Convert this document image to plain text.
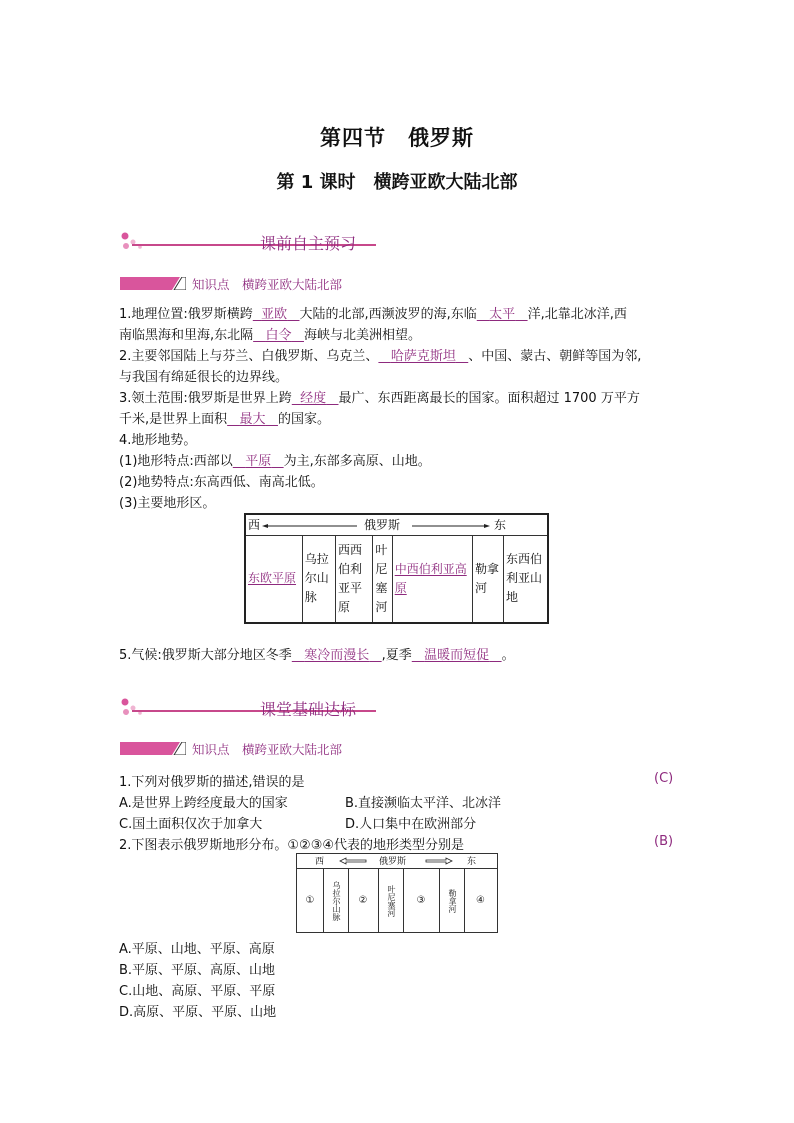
第四节　俄罗斯
第 1 课时　横跨亚欧大陆北部
课前自主预习
知识点　横跨亚欧大陆北部
1.地理位置:俄罗斯横跨 亚欧 大陆的北部,西濒波罗的海,东临 太平 洋,北靠北冰洋,西
南临黑海和里海,东北隔 白令 海峡与北美洲相望。
2.主要邻国陆上与芬兰、白俄罗斯、乌克兰、 哈萨克斯坦 、中国、蒙古、朝鲜等国为邻,
与我国有绵延很长的边界线。
3.领土范围:俄罗斯是世界上跨 经度 最广、东西距离最长的国家。面积超过 1700 万平方
千米,是世界上面积 最大 的国家。
4.地形地势。
(1)地形特点:西部以 平原 为主,东部多高原、山地。
(2)地势特点:东高西低、南高北低。
(3)主要地形区。
西	俄罗斯	东

东欧平原	乌拉尔山脉	西西伯利亚平原	叶尼塞河	中西伯利亚高原	勒拿河	东西伯利亚山地
5.气候:俄罗斯大部分地区冬季 寒冷而漫长 ,夏季 温暖而短促 。
课堂基础达标
知识点　横跨亚欧大陆北部
1.下列对俄罗斯的描述,错误的是	(C)
A.是世界上跨经度最大的国家	B.直接濒临太平洋、北冰洋
C.国土面积仅次于加拿大	D.人口集中在欧洲部分
2.下图表示俄罗斯地形分布。①②③④代表的地形类型分别是	(B)
西	俄罗斯	东
①	乌拉尔山脉	②	叶尼塞河	③	勒拿河	④
A.平原、山地、平原、高原
B.平原、平原、高原、山地
C.山地、高原、平原、平原
D.高原、平原、平原、山地
